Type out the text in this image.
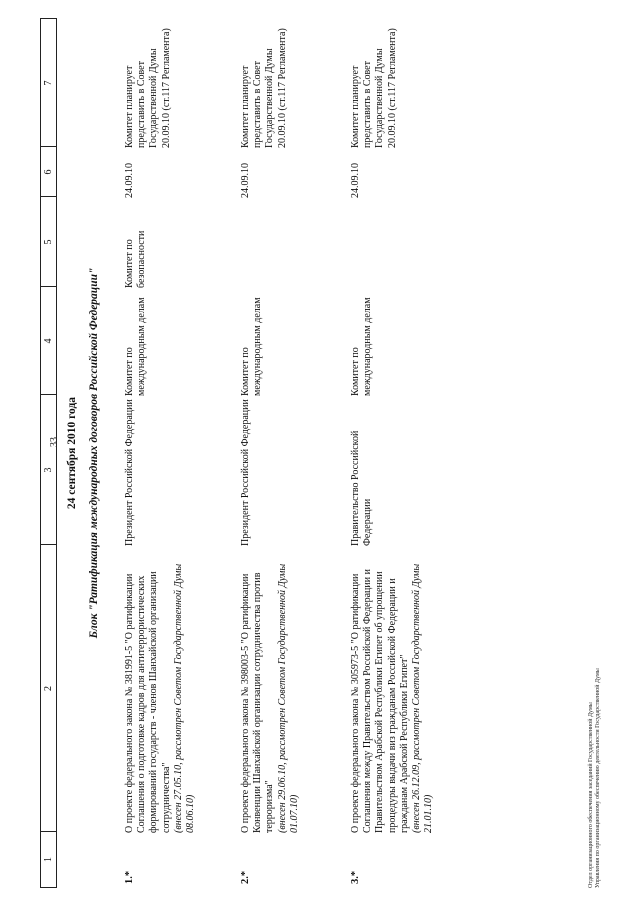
33
1
2
3
4
5
6
7
24 сентября 2010 года Блок "Ратификация международных договоров Российской Федерации"
1.*
О проекте федерального закона № 381991-5 "О ратификации Соглашения о подготовке кадров для антитеррористических формирований государств - членов Шанхайской организации сотрудничества"
(внесен 27.05.10, рассмотрен Советом Государственной Думы 08.06.10)
Президент Российской Федерации
Комитет по международным делам
Комитет по безопасности
24.09.10
Комитет планирует представить в Совет Государственной Думы 20.09.10 (ст.117 Регламента)
2.*
О проекте федерального закона № 398003-5 "О ратификации Конвенции Шанхайской организации сотрудничества против терроризма"
(внесен 29.06.10, рассмотрен Советом Государственной Думы 01.07.10)
Президент Российской Федерации
Комитет по международным делам
24.09.10
Комитет планирует представить в Совет Государственной Думы 20.09.10 (ст.117 Регламента)
3.*
О проекте федерального закона № 305973-5 "О ратификации Соглашения между Правительством Российской Федерации и Правительством Арабской Республики Египет об упрощении процедуры выдачи виз гражданам Российской Федерации и гражданам Арабской Республики Египет"
(внесен 26.12.09, рассмотрен Советом Государственной Думы 21.01.10)
Правительство Российской Федерации
Комитет по международным делам
24.09.10
Комитет планирует представить в Совет Государственной Думы 20.09.10 (ст.117 Регламента)
Отдел организационного обеспечения заседаний Государственной Думы Управления по организационному обеспечению деятельности Государственной Думы
